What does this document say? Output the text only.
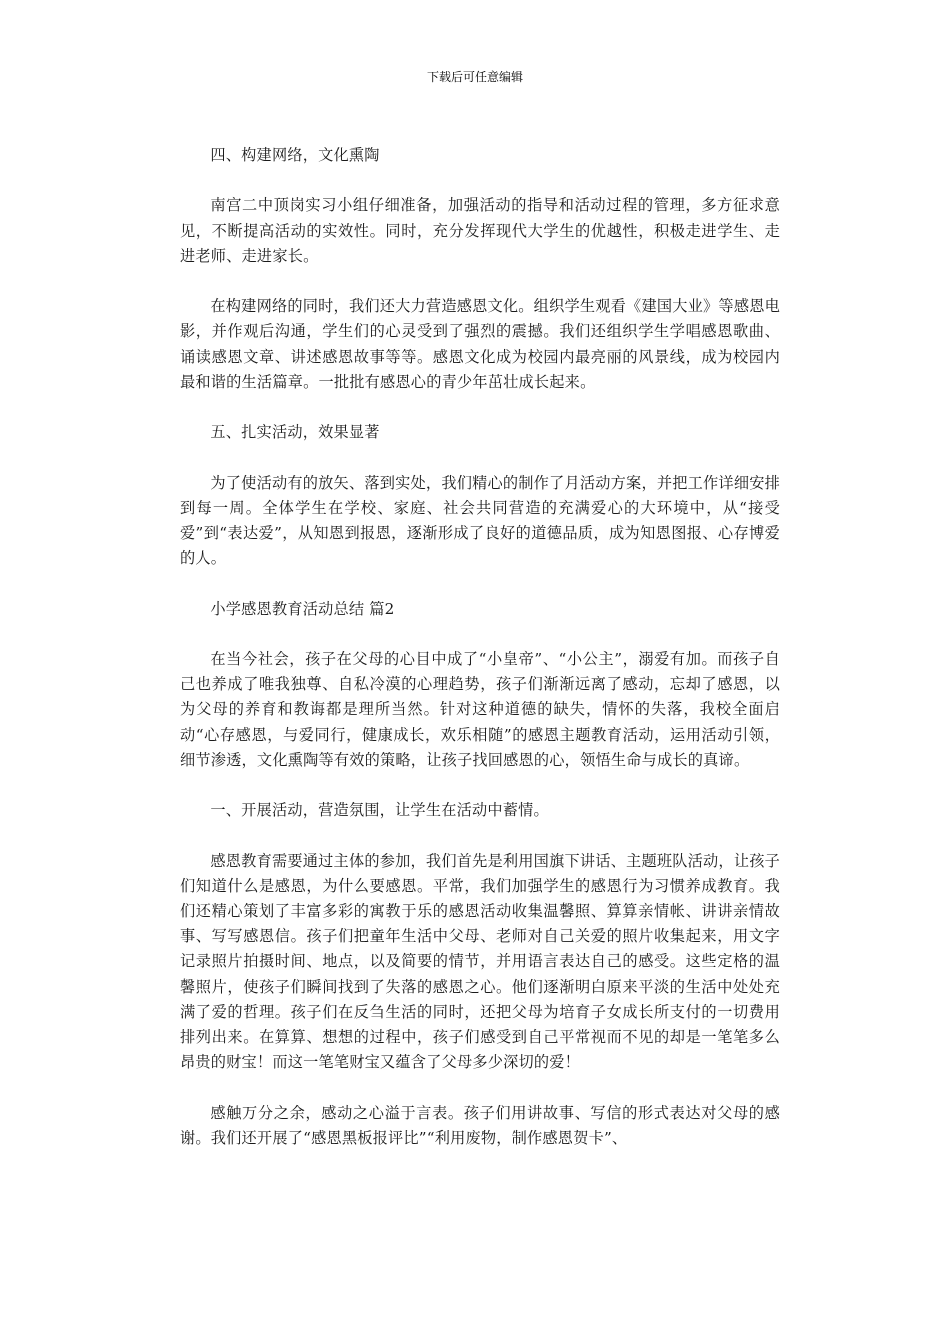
下载后可任意编辑

四、构建网络，文化熏陶

南宫二中顶岗实习小组仔细准备，加强活动的指导和活动过程的管理，多方征求意见，不断提高活动的实效性。同时，充分发挥现代大学生的优越性，积极走进学生、走进老师、走进家长。

在构建网络的同时，我们还大力营造感恩文化。组织学生观看《建国大业》等感恩电影，并作观后沟通，学生们的心灵受到了强烈的震撼。我们还组织学生学唱感恩歌曲、诵读感恩文章、讲述感恩故事等等。感恩文化成为校园内最亮丽的风景线，成为校园内最和谐的生活篇章。一批批有感恩心的青少年茁壮成长起来。

五、扎实活动，效果显著

为了使活动有的放矢、落到实处，我们精心的制作了月活动方案，并把工作详细安排到每一周。全体学生在学校、家庭、社会共同营造的充满爱心的大环境中，从“接受爱”到“表达爱”，从知恩到报恩，逐渐形成了良好的道德品质，成为知恩图报、心存博爱的人。

小学感恩教育活动总结 篇2

在当今社会，孩子在父母的心目中成了“小皇帝”、“小公主”，溺爱有加。而孩子自己也养成了唯我独尊、自私冷漠的心理趋势，孩子们渐渐远离了感动，忘却了感恩，以为父母的养育和教诲都是理所当然。针对这种道德的缺失，情怀的失落，我校全面启动“心存感恩，与爱同行，健康成长，欢乐相随”的感恩主题教育活动，运用活动引领，细节渗透，文化熏陶等有效的策略，让孩子找回感恩的心，领悟生命与成长的真谛。

一、开展活动，营造氛围，让学生在活动中蓄情。

感恩教育需要通过主体的参加，我们首先是利用国旗下讲话、主题班队活动，让孩子们知道什么是感恩，为什么要感恩。平常，我们加强学生的感恩行为习惯养成教育。我们还精心策划了丰富多彩的寓教于乐的感恩活动收集温馨照、算算亲情帐、讲讲亲情故事、写写感恩信。孩子们把童年生活中父母、老师对自己关爱的照片收集起来，用文字记录照片拍摄时间、地点，以及简要的情节，并用语言表达自己的感受。这些定格的温馨照片，使孩子们瞬间找到了失落的感恩之心。他们逐渐明白原来平淡的生活中处处充满了爱的哲理。孩子们在反刍生活的同时，还把父母为培育子女成长所支付的一切费用排列出来。在算算、想想的过程中，孩子们感受到自己平常视而不见的却是一笔笔多么昂贵的财宝！而这一笔笔财宝又蕴含了父母多少深切的爱！

感触万分之余，感动之心溢于言表。孩子们用讲故事、写信的形式表达对父母的感谢。我们还开展了“感恩黑板报评比”“利用废物，制作感恩贺卡”、
